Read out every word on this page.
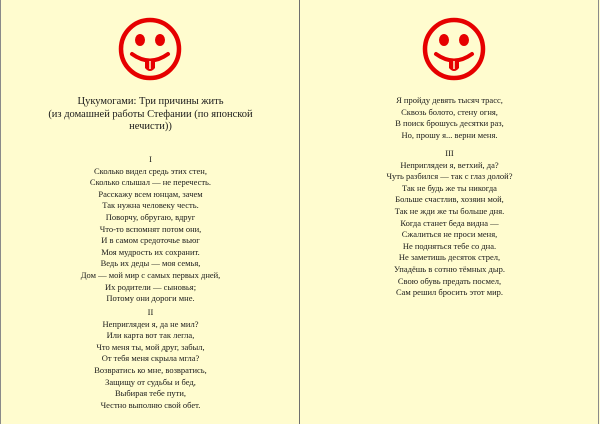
Цукумогами: Три причины жить
(из домашней работы Стефании (по японской
нечисти))
I
Сколько видел средь этих стен,
Сколько слышал — не перечесть.
Расскажу всем юнцам, зачем
Так нужна человеку честь.
Поворчу, обругаю, вдруг
Что-то вспомнят потом они,
И в самом средоточье вьюг
Моя мудрость их сохранит.
Ведь их деды — моя семья,
Дом — мой мир с самых первых дней,
Их родители — сыновья;
Потому они дороги мне.
II
Неприглядеи я, да не мил?
Или карта вот так легла,
Что меня ты, мой друг, забыл,
От тебя меня скрыла мгла?
Возвратись ко мне, возвратись,
Защищу от судьбы и бед,
Выбирая тебе пути,
Честно выполню свой обет.
Я пройду девять тысяч трасс,
Сквозь болото, стену огня,
В поиск брошусь десятки раз,
Но, прошу я... верни меня.
III
Неприглядеи я, ветхий, да?
Чуть разбился — так с глаз долой?
Так не будь же ты никогда
Больше счастлив, хозяин мой,
Так не жди же ты больше дня.
Когда станет беда видна —
Сжалиться не проси меня,
Не подняться тебе со дна.
Не заметишь десяток стрел,
Упадёшь в сотню тёмных дыр.
Свою обувь предать посмел,
Сам решил бросить этот мир.
